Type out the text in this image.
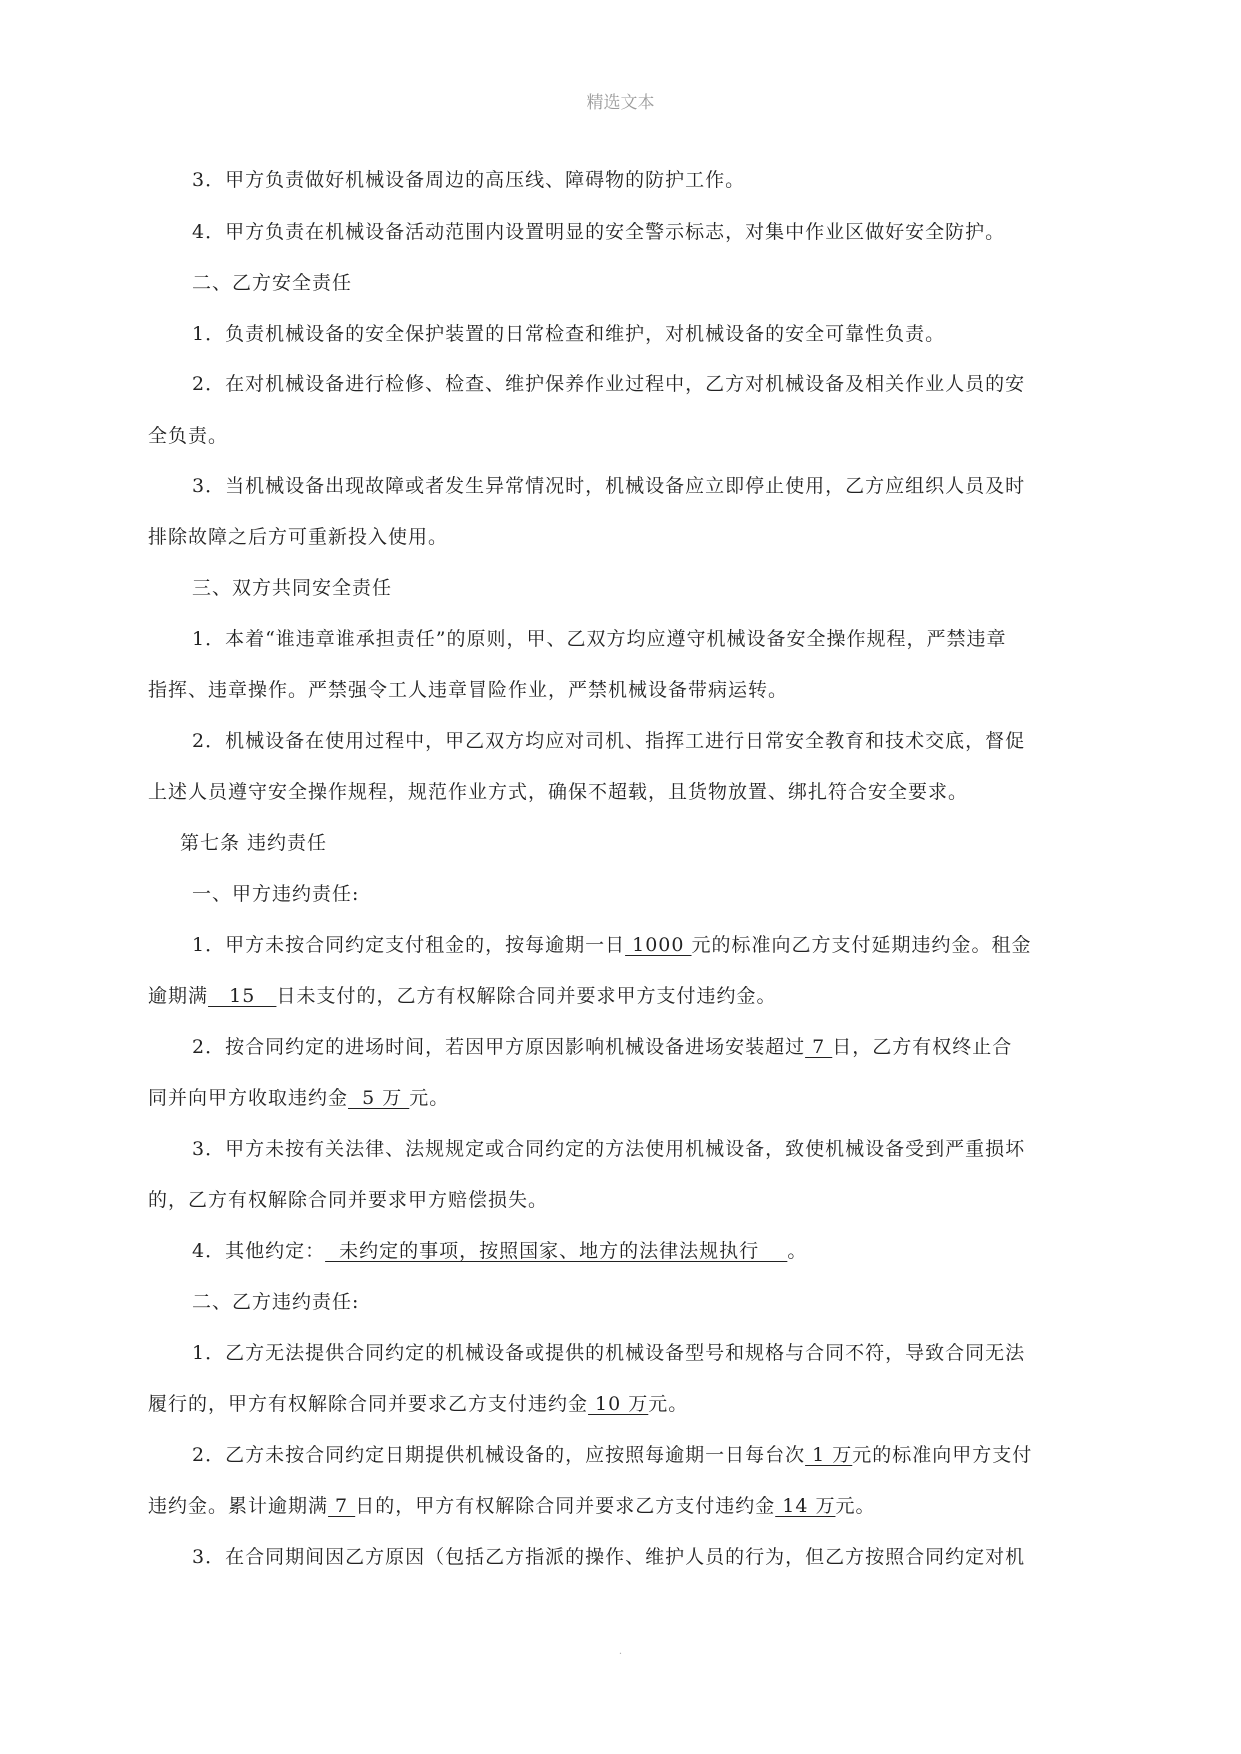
精选文本
3．甲方负责做好机械设备周边的高压线、障碍物的防护工作。
4．甲方负责在机械设备活动范围内设置明显的安全警示标志，对集中作业区做好安全防护。
二、乙方安全责任
1．负责机械设备的安全保护装置的日常检查和维护，对机械设备的安全可靠性负责。
2．在对机械设备进行检修、检查、维护保养作业过程中，乙方对机械设备及相关作业人员的安
全负责。
3．当机械设备出现故障或者发生异常情况时，机械设备应立即停止使用，乙方应组织人员及时
排除故障之后方可重新投入使用。
三、双方共同安全责任
1．本着“谁违章谁承担责任”的原则，甲、乙双方均应遵守机械设备安全操作规程，严禁违章
指挥、违章操作。严禁强令工人违章冒险作业，严禁机械设备带病运转。
2．机械设备在使用过程中，甲乙双方均应对司机、指挥工进行日常安全教育和技术交底，督促
上述人员遵守安全操作规程，规范作业方式，确保不超载，且货物放置、绑扎符合安全要求。
第七条 违约责任
一、甲方违约责任:
1．甲方未按合同约定支付租金的，按每逾期一日 1000 元的标准向乙方支付延期违约金。租金
逾期满   15   日未支付的，乙方有权解除合同并要求甲方支付违约金。
2．按合同约定的进场时间，若因甲方原因影响机械设备进场安装超过 7 日，乙方有权终止合
同并向甲方收取违约金  5 万 元。
3．甲方未按有关法律、法规规定或合同约定的方法使用机械设备，致使机械设备受到严重损坏
的，乙方有权解除合同并要求甲方赔偿损失。
4．其他约定：  未约定的事项，按照国家、地方的法律法规执行    。
二、乙方违约责任:
1．乙方无法提供合同约定的机械设备或提供的机械设备型号和规格与合同不符，导致合同无法
履行的，甲方有权解除合同并要求乙方支付违约金 10 万元。
2．乙方未按合同约定日期提供机械设备的，应按照每逾期一日每台次 1 万元的标准向甲方支付
违约金。累计逾期满 7 日的，甲方有权解除合同并要求乙方支付违约金 14 万元。
3．在合同期间因乙方原因（包括乙方指派的操作、维护人员的行为，但乙方按照合同约定对机
.
